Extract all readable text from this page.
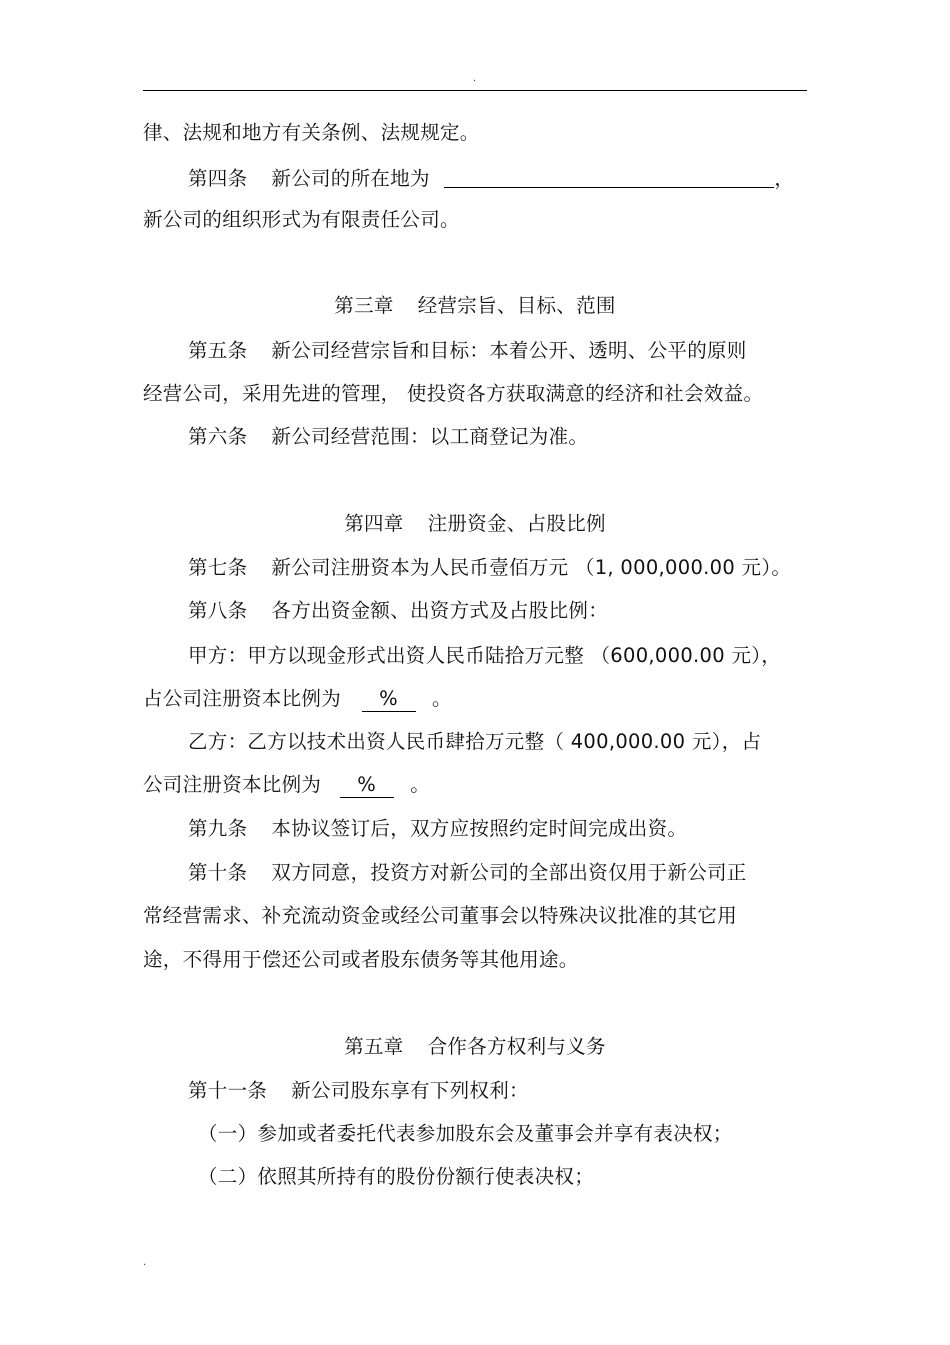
.
律、法规和地方有关条例、法规规定。
第四条 新公司的所在地为	，
新公司的组织形式为有限责任公司。
第三章 经营宗旨、目标、范围
第五条 新公司经营宗旨和目标：本着公开、透明、公平的原则
经营公司，采用先进的管理， 使投资各方获取满意的经济和社会效益。
第六条 新公司经营范围：以工商登记为准。
第四章 注册资金、占股比例
第七条 新公司注册资本为人民币壹佰万元 （1, 000,000.00 元）。
第八条 各方出资金额、出资方式及占股比例：
甲方：甲方以现金形式出资人民币陆拾万元整 （600,000.00 元），
占公司注册资本比例为 % 。
乙方：乙方以技术出资人民币肆拾万元整（ 400,000.00 元），占
公司注册资本比例为 % 。
第九条 本协议签订后，双方应按照约定时间完成出资。
第十条 双方同意，投资方对新公司的全部出资仅用于新公司正
常经营需求、补充流动资金或经公司董事会以特殊决议批准的其它用
途，不得用于偿还公司或者股东债务等其他用途。
第五章 合作各方权利与义务
第十一条 新公司股东享有下列权利：
（一）参加或者委托代表参加股东会及董事会并享有表决权；
（二）依照其所持有的股份份额行使表决权；
.
